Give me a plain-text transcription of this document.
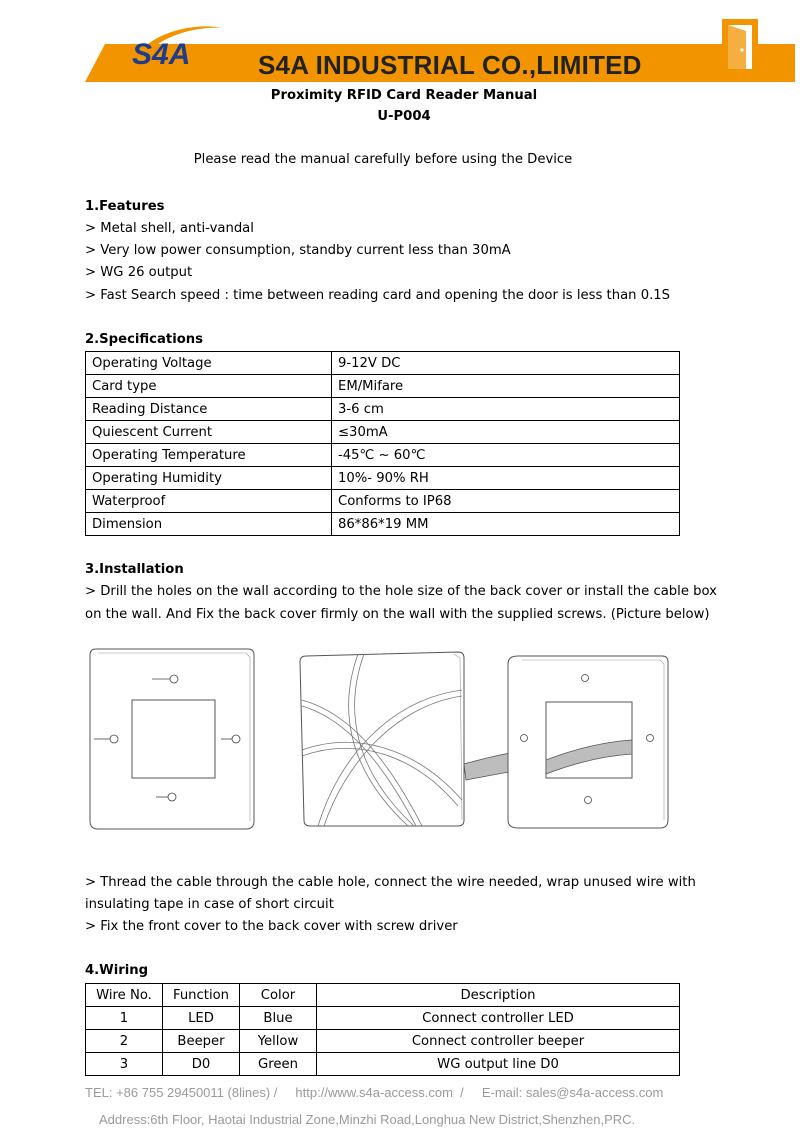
S4A INDUSTRIAL CO.,LIMITED
S4A
Proximity RFID Card Reader Manual
U-P004
Please read the manual carefully before using the Device
1.Features
> Metal shell, anti-vandal
> Very low power consumption, standby current less than 30mA
> WG 26 output
> Fast Search speed : time between reading card and opening the door is less than 0.1S
2.Specifications
Operating Voltage	9-12V DC
Card type	EM/Mifare
Reading Distance	3-6 cm
Quiescent Current	≤30mA
Operating Temperature	-45℃ ~ 60℃
Operating Humidity	10%- 90% RH
Waterproof	Conforms to IP68
Dimension	86*86*19 MM
3.Installation
> Drill the holes on the wall according to the hole size of the back cover or install the cable box
on the wall. And Fix the back cover firmly on the wall with the supplied screws. (Picture below)
> Thread the cable through the cable hole, connect the wire needed, wrap unused wire with
insulating tape in case of short circuit
> Fix the front cover to the back cover with screw driver
4.Wiring
Wire No.	Function	Color	Description
1	LED	Blue	Connect controller LED
2	Beeper	Yellow	Connect controller beeper
3	D0	Green	WG output line D0
TEL: +86 755 29450011 (8lines) /     http://www.s4a-access.com  /     E-mail: sales@s4a-access.com
Address:6th Floor, Haotai Industrial Zone,Minzhi Road,Longhua New District,Shenzhen,PRC.
